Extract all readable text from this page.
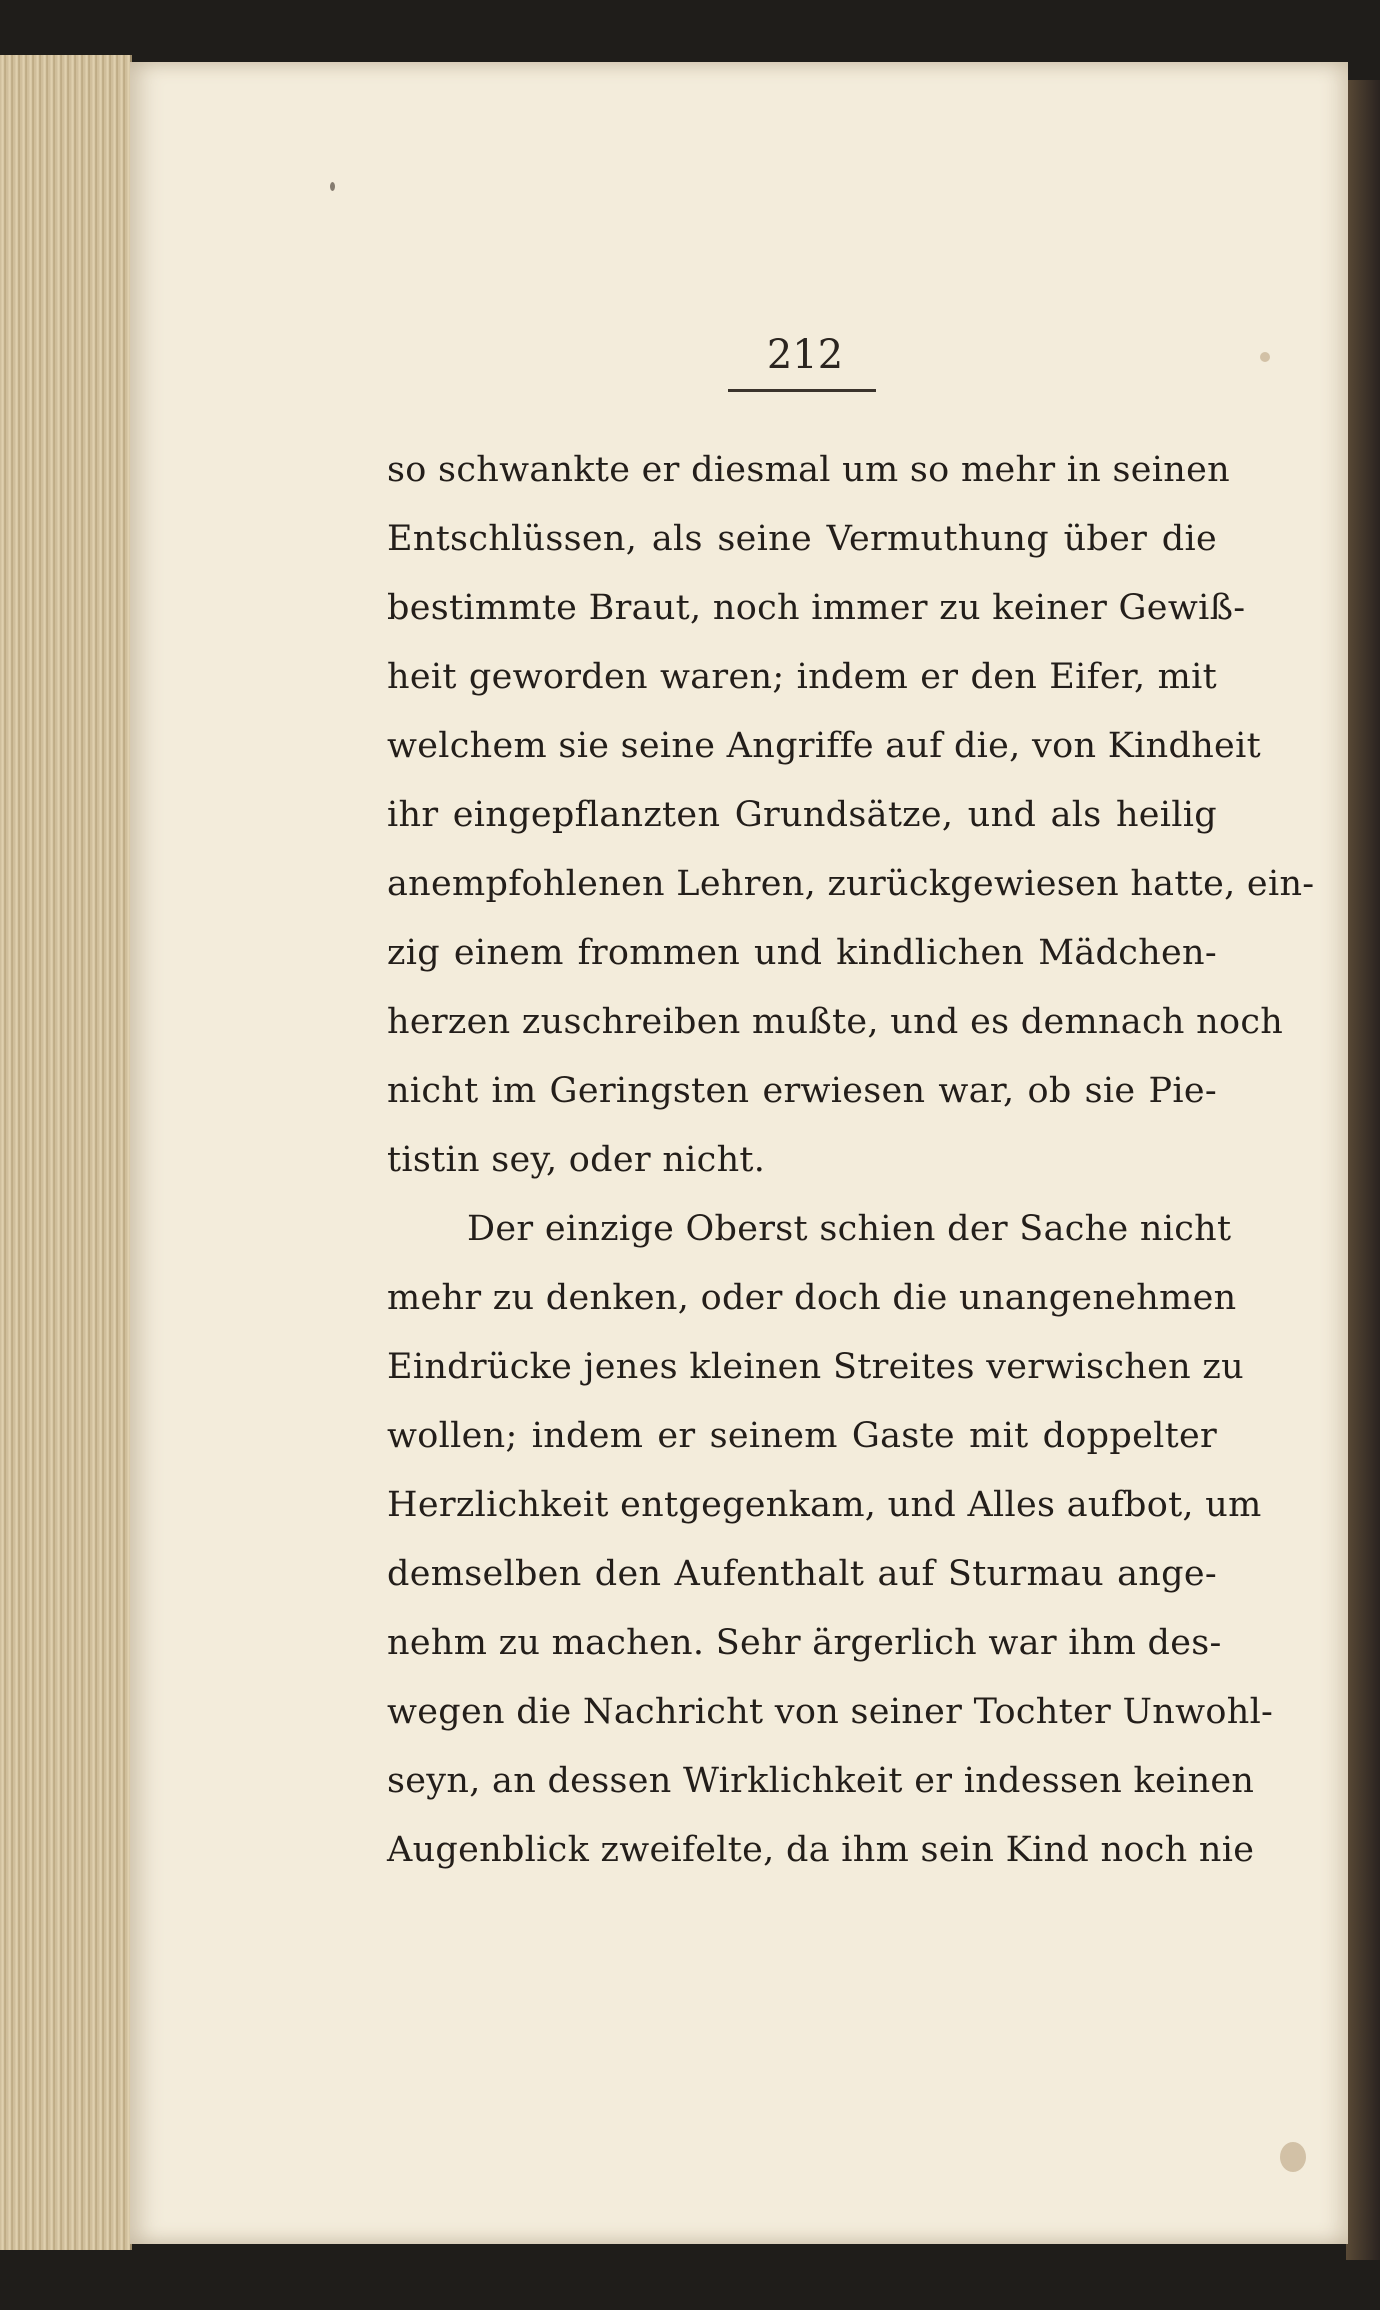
212
so schwankte er diesmal um so mehr in seinen
Entschlüssen, als seine Vermuthung über die
bestimmte Braut, noch immer zu keiner Gewiß-
heit geworden waren; indem er den Eifer, mit
welchem sie seine Angriffe auf die, von Kindheit
ihr eingepflanzten Grundsätze, und als heilig
anempfohlenen Lehren, zurückgewiesen hatte, ein-
zig einem frommen und kindlichen Mädchen-
herzen zuschreiben mußte, und es demnach noch
nicht im Geringsten erwiesen war, ob sie Pie-
tistin sey, oder nicht.
Der einzige Oberst schien der Sache nicht
mehr zu denken, oder doch die unangenehmen
Eindrücke jenes kleinen Streites verwischen zu
wollen; indem er seinem Gaste mit doppelter
Herzlichkeit entgegenkam, und Alles aufbot, um
demselben den Aufenthalt auf Sturmau ange-
nehm zu machen. Sehr ärgerlich war ihm des-
wegen die Nachricht von seiner Tochter Unwohl-
seyn, an dessen Wirklichkeit er indessen keinen
Augenblick zweifelte, da ihm sein Kind noch nie
